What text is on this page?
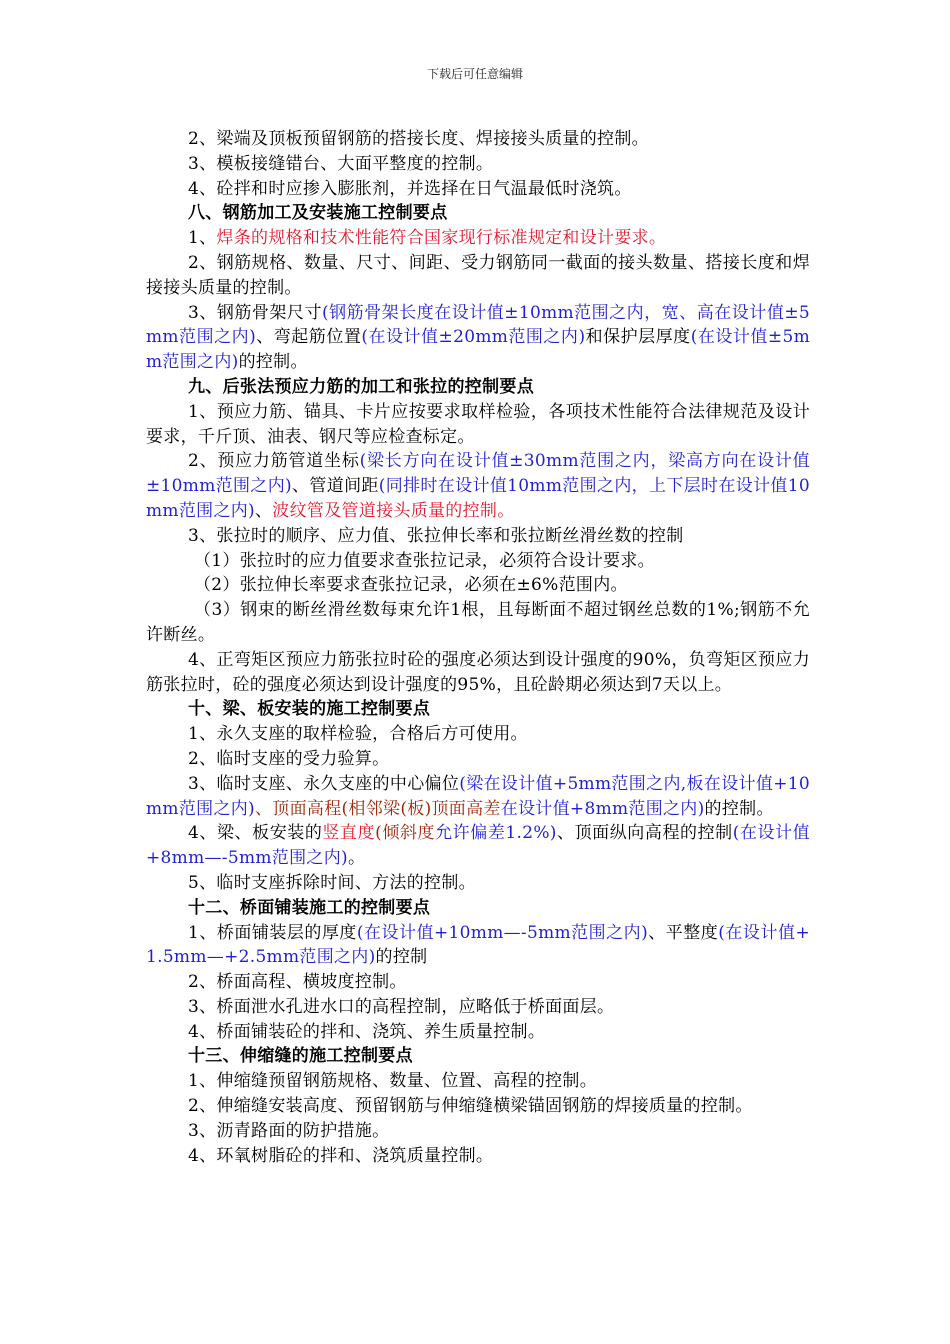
下载后可任意编辑

2、梁端及顶板预留钢筋的搭接长度、焊接接头质量的控制。

3、模板接缝错台、大面平整度的控制。

4、砼拌和时应掺入膨胀剂，并选择在日气温最低时浇筑。

八、钢筋加工及安装施工控制要点

1、焊条的规格和技术性能符合国家现行标准规定和设计要求。

2、钢筋规格、数量、尺寸、间距、受力钢筋同一截面的接头数量、搭接长度和焊接接头质量的控制。

3、钢筋骨架尺寸(钢筋骨架长度在设计值±10mm范围之内，宽、高在设计值±5mm范围之内)、弯起筋位置(在设计值±20mm范围之内)和保护层厚度(在设计值±5mm范围之内)的控制。

九、后张法预应力筋的加工和张拉的控制要点

1、预应力筋、锚具、卡片应按要求取样检验，各项技术性能符合法律规范及设计要求，千斤顶、油表、钢尺等应检查标定。

2、预应力筋管道坐标(梁长方向在设计值±30mm范围之内，梁高方向在设计值±10mm范围之内)、管道间距(同排时在设计值10mm范围之内，上下层时在设计值10mm范围之内)、波纹管及管道接头质量的控制。

3、张拉时的顺序、应力值、张拉伸长率和张拉断丝滑丝数的控制

（1）张拉时的应力值要求查张拉记录，必须符合设计要求。

（2）张拉伸长率要求查张拉记录，必须在±6%范围内。

（3）钢束的断丝滑丝数每束允许1根，且每断面不超过钢丝总数的1%;钢筋不允许断丝。

4、正弯矩区预应力筋张拉时砼的强度必须达到设计强度的90%，负弯矩区预应力筋张拉时，砼的强度必须达到设计强度的95%，且砼龄期必须达到7天以上。

十、梁、板安装的施工控制要点

1、永久支座的取样检验，合格后方可使用。

2、临时支座的受力验算。

3、临时支座、永久支座的中心偏位(梁在设计值+5mm范围之内,板在设计值+10mm范围之内)、顶面高程(相邻梁(板)顶面高差在设计值+8mm范围之内)的控制。

4、梁、板安装的竖直度(倾斜度允许偏差1.2%)、顶面纵向高程的控制(在设计值+8mm—-5mm范围之内)。

5、临时支座拆除时间、方法的控制。

十二、桥面铺装施工的控制要点

1、桥面铺装层的厚度(在设计值+10mm—-5mm范围之内)、平整度(在设计值+1.5mm—+2.5mm范围之内)的控制

2、桥面高程、横坡度控制。

3、桥面泄水孔进水口的高程控制，应略低于桥面面层。

4、桥面铺装砼的拌和、浇筑、养生质量控制。

十三、伸缩缝的施工控制要点

1、伸缩缝预留钢筋规格、数量、位置、高程的控制。

2、伸缩缝安装高度、预留钢筋与伸缩缝横梁锚固钢筋的焊接质量的控制。

3、沥青路面的防护措施。

4、环氧树脂砼的拌和、浇筑质量控制。
